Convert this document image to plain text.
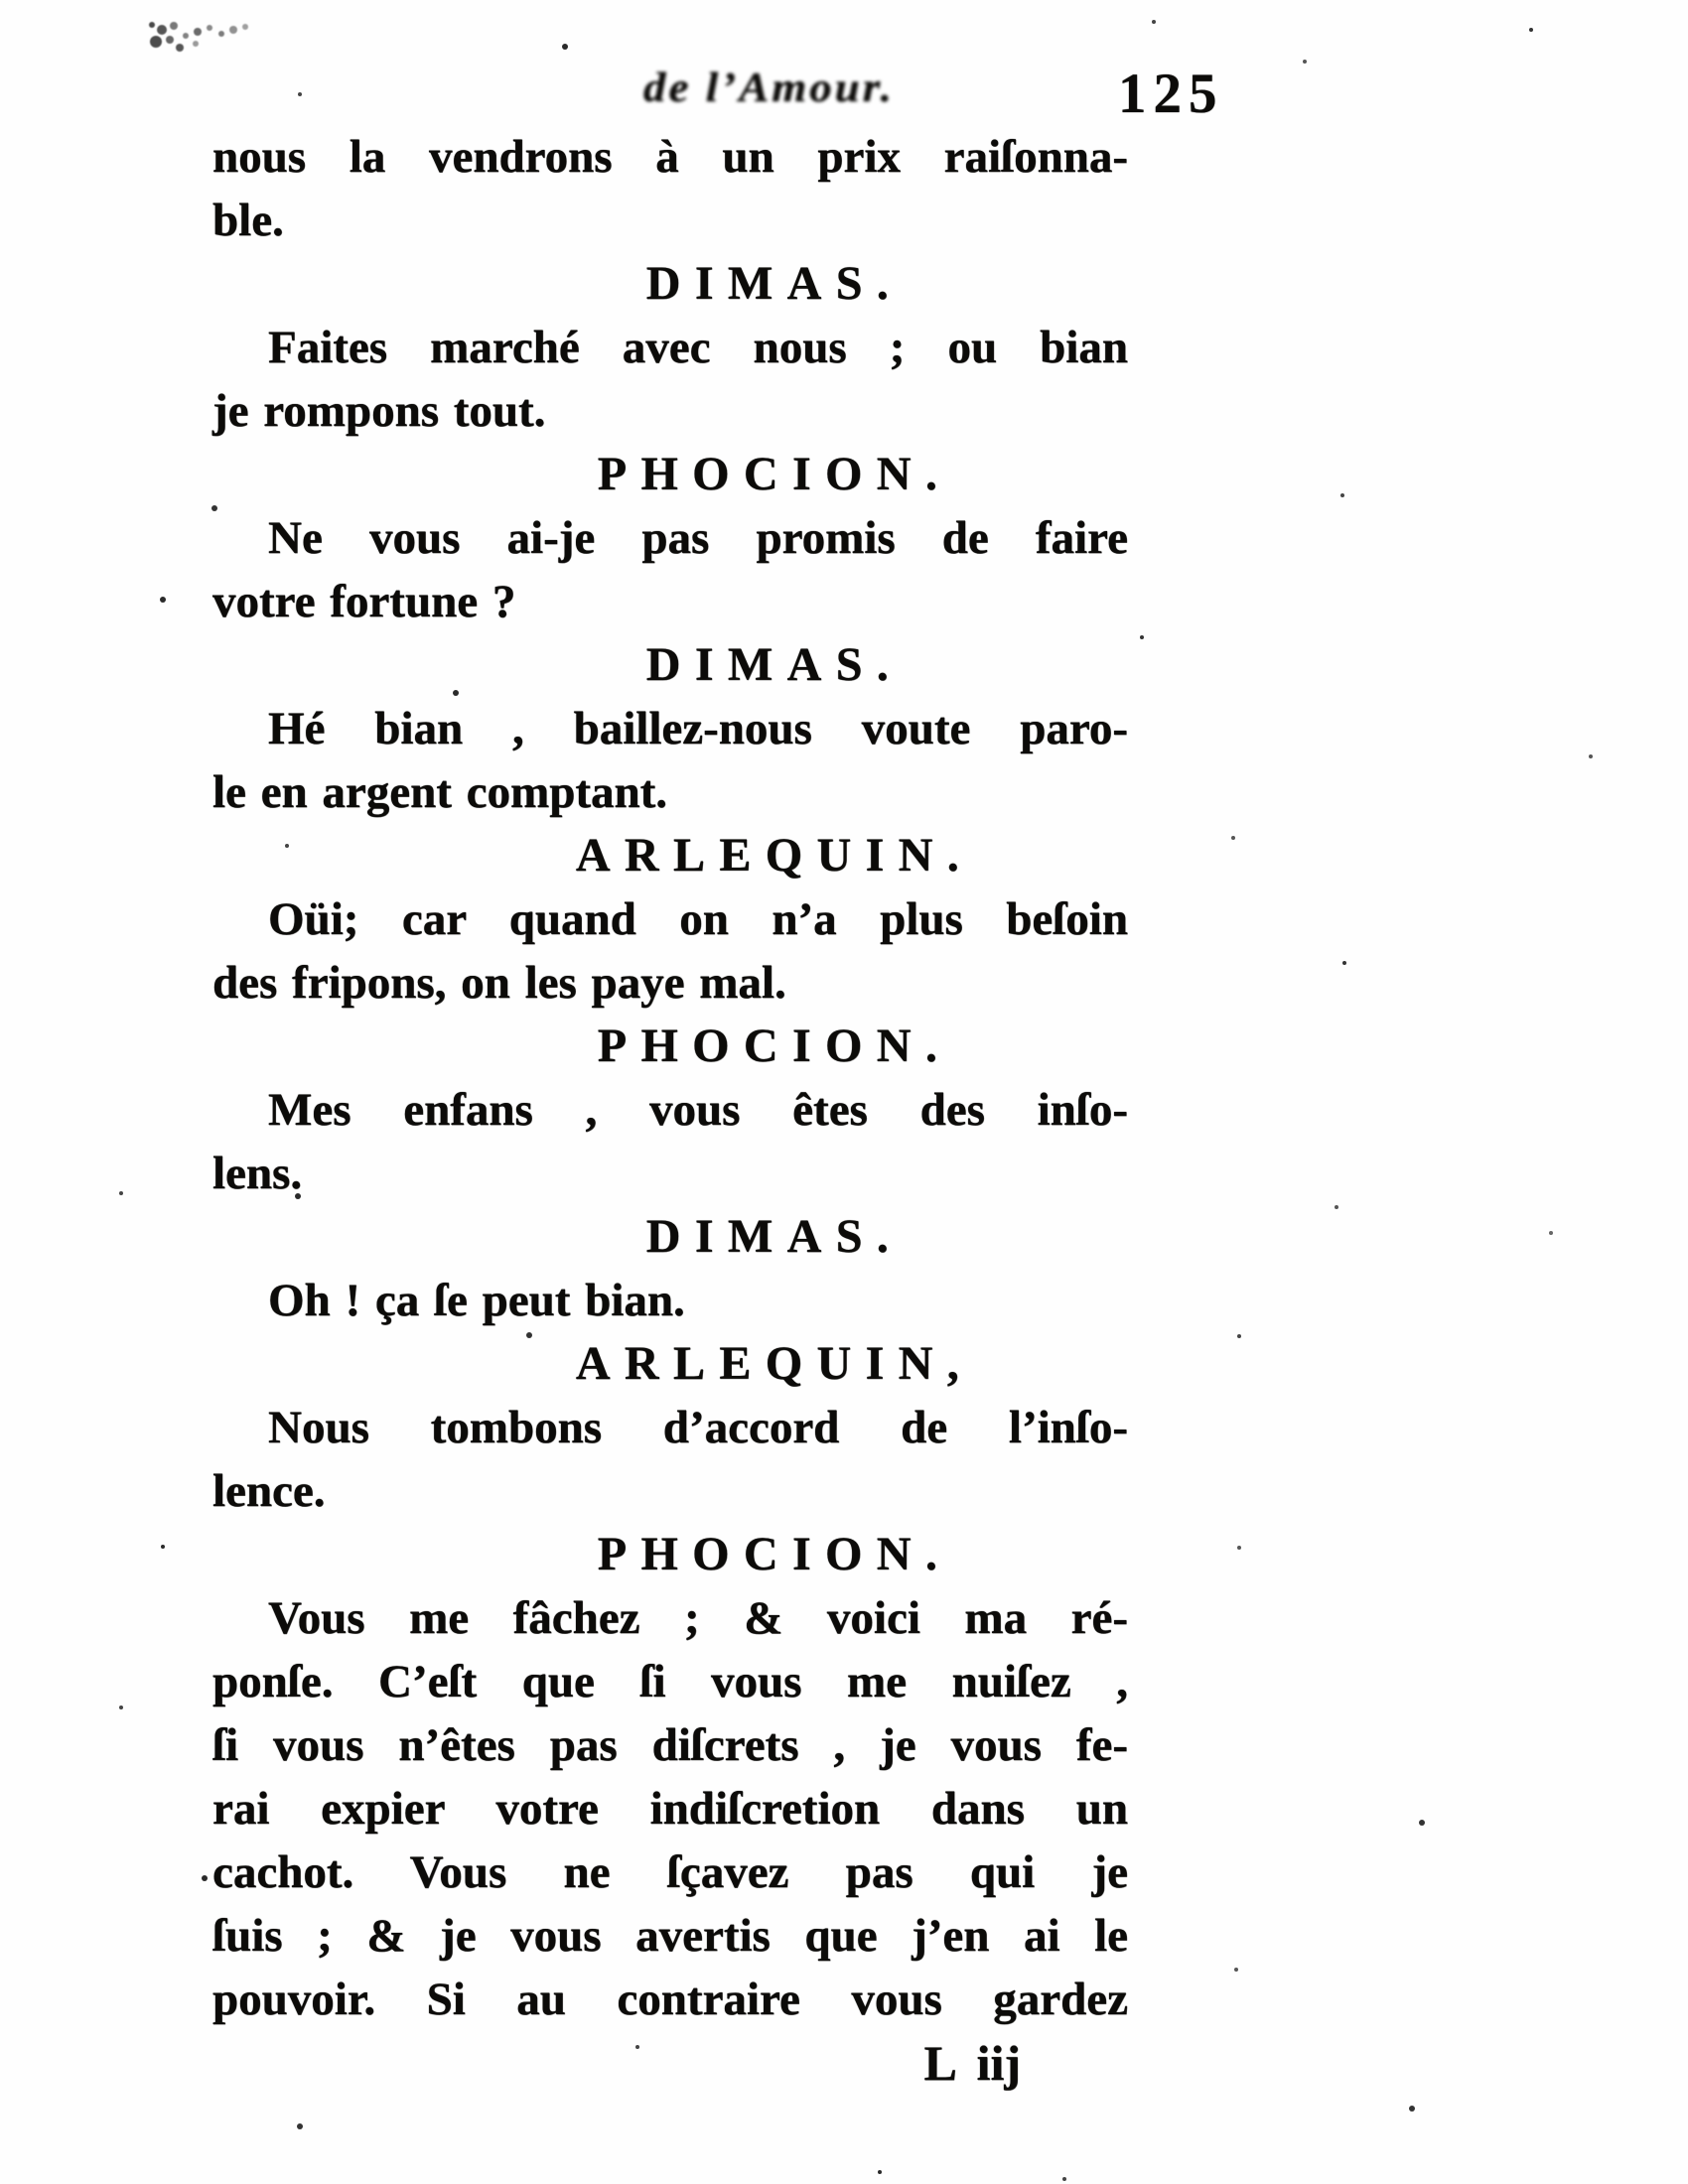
de l’Amour.	125
nous la vendrons à un prix raiſonna-
ble.
DIMAS.
Faites marché avec nous ; ou bian
je rompons tout.
PHOCION.
Ne vous ai-je pas promis de faire
votre fortune ?
DIMAS.
Hé bian , baillez-nous voute paro-
le en argent comptant.
ARLEQUIN.
Oüi; car quand on n’a plus beſoin
des fripons, on les paye mal.
PHOCION.
Mes enfans , vous êtes des inſo-
lens.
DIMAS.
Oh ! ça ſe peut bian.
ARLEQUIN,
Nous tombons d’accord de l’inſo-
lence.
PHOCION.
Vous me fâchez ; & voici ma ré-
ponſe. C’eſt que ſi vous me nuiſez ,
ſi vous n’êtes pas diſcrets , je vous fe-
rai expier votre indiſcretion dans un
cachot. Vous ne ſçavez pas qui je
ſuis ; & je vous avertis que j’en ai le
pouvoir. Si au contraire vous gardez
L iij
